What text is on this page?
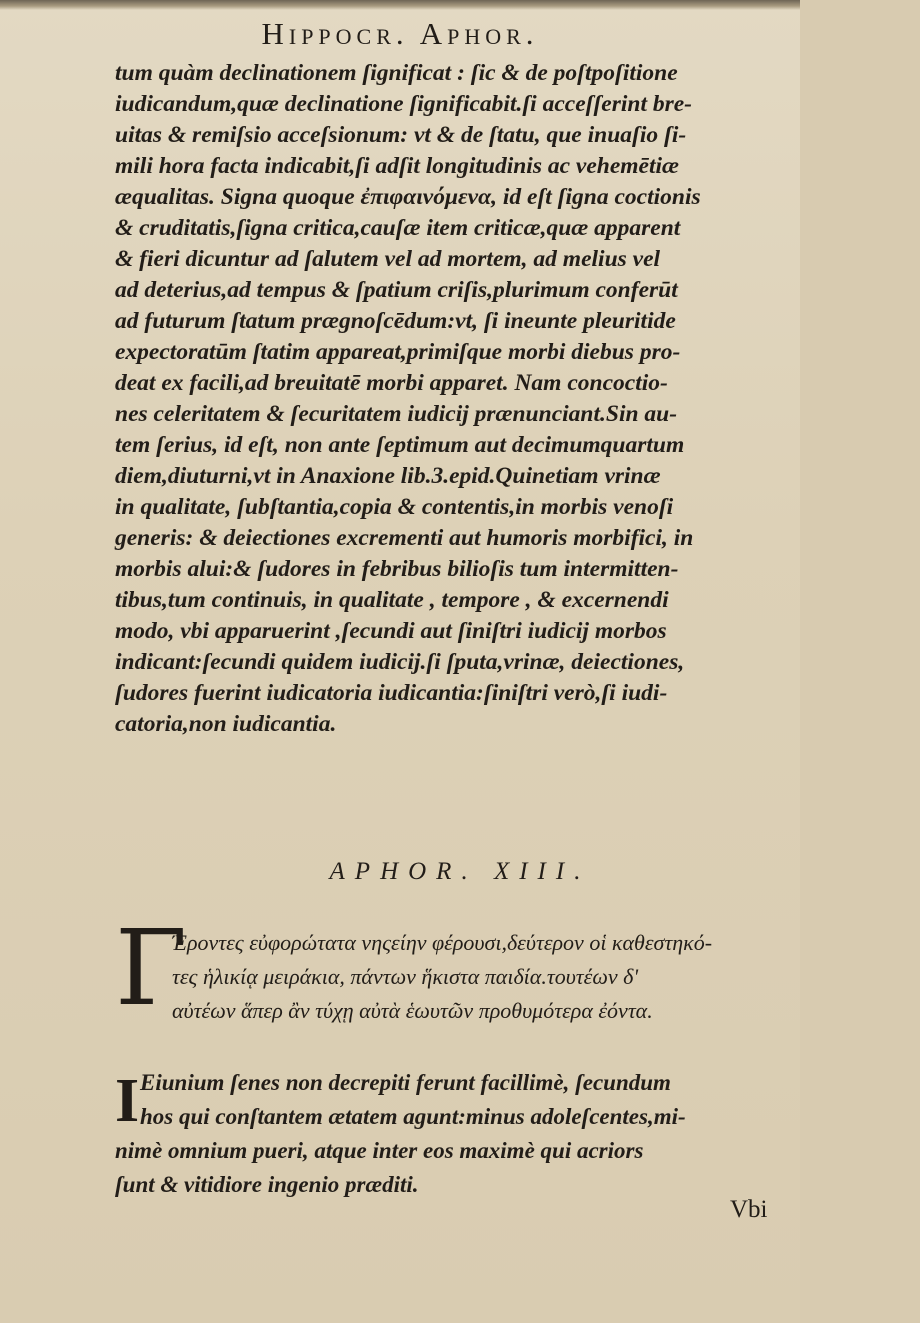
Hippocr. Aphor.
tum quàm declinationem ſignificat : ſic & de poſtpoſitione
iudicandum,quæ declinatione ſignificabit.ſi acceſſerint bre-
uitas & remiſsio acceſsionum: vt & de ſtatu, que inuaſio ſi-
mili hora facta indicabit,ſi adſit longitudinis ac vehemētiæ
æqualitas. Signa quoque ἐπιφαινόμενα, id eſt ſigna coctionis
& cruditatis,ſigna critica,cauſæ item criticæ,quæ apparent
& fieri dicuntur ad ſalutem vel ad mortem, ad melius vel
ad deterius,ad tempus & ſpatium criſis,plurimum conferūt
ad futurum ſtatum prægnoſcēdum:vt, ſi ineunte pleuritide
expectoratūm ſtatim appareat,primiſque morbi diebus pro-
deat ex facili,ad breuitatē morbi apparet. Nam concoctio-
nes celeritatem & ſecuritatem iudicij prænunciant.Sin au-
tem ſerius, id eſt, non ante ſeptimum aut decimumquartum
diem,diuturni,vt in Anaxione lib.3.epid.Quinetiam vrinæ
in qualitate, ſubſtantia,copia & contentis,in morbis venoſi
generis: & deiectiones excrementi aut humoris morbifici, in
morbis alui:& ſudores in febribus bilioſis tum intermitten-
tibus,tum continuis, in qualitate , tempore , & excernendi
modo, vbi apparuerint ,ſecundi aut ſiniſtri iudicij morbos
indicant:ſecundi quidem iudicij.ſi ſputa,vrinæ, deiectiones,
ſudores fuerint iudicatoria iudicantia:ſiniſtri verò,ſi iudi-
catoria,non iudicantia.
APHOR. XIII.
Γ
Έροντες εὐφορώτατα νηςείην φέρουσι,δεύτερον οἱ καθεστηκό-
τες ἡλικίᾳ μειράκια, πάντων ἥκιστα παιδία.τουτέων δ'
αὐτέων ἅπερ ἂν τύχῃ αὐτὰ ἑωυτῶν προθυμότερα ἐόντα.
I Eiunium ſenes non decrepiti ferunt facillimè, ſecundum
hos qui conſtantem ætatem agunt:minus adoleſcentes,mi-
nimè omnium pueri, atque inter eos maximè qui acriors
ſunt & vitidiore ingenio præditi.
Vbi
